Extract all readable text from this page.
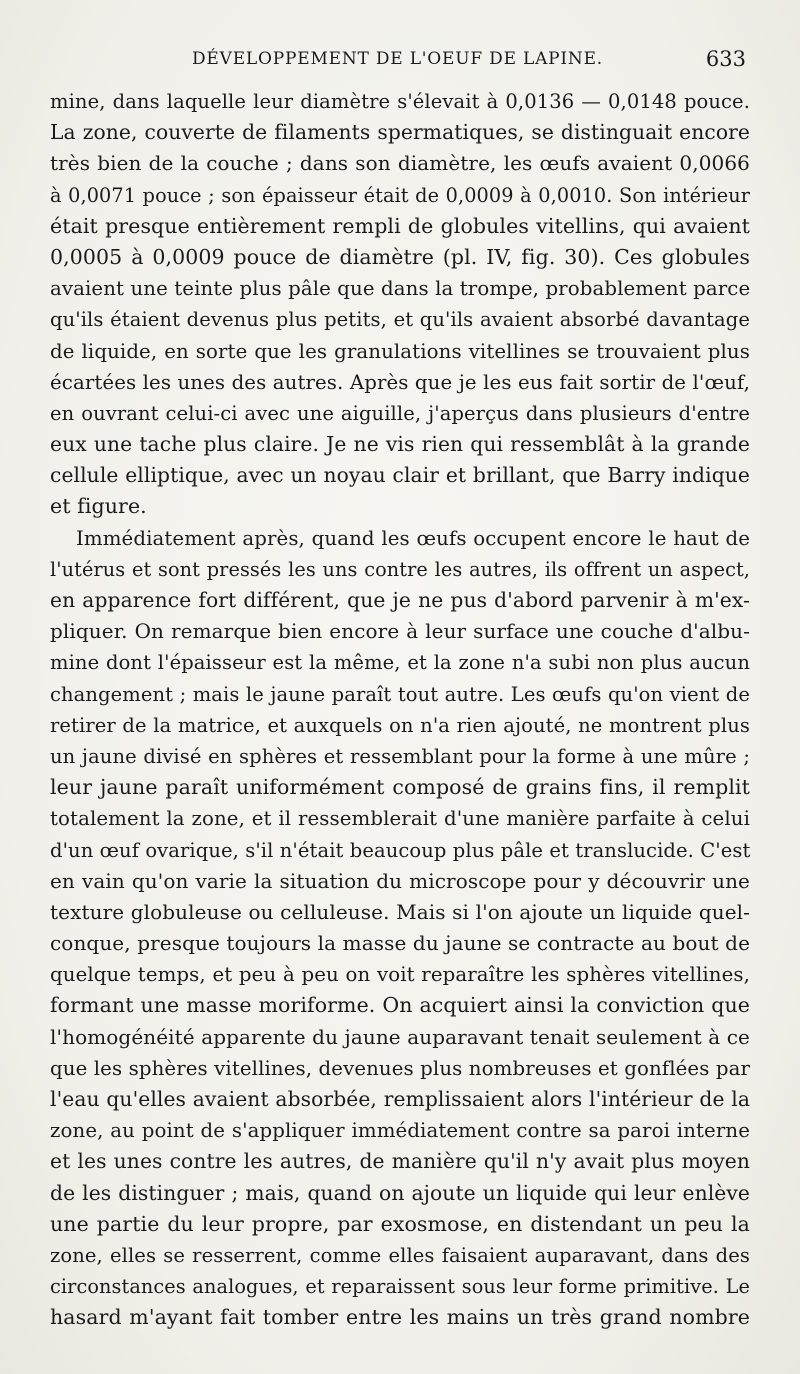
DÉVELOPPEMENT DE L'OEUF DE LAPINE.	633
mine, dans laquelle leur diamètre s'élevait à 0,0136 — 0,0148 pouce.
La zone, couverte de filaments spermatiques, se distinguait encore
très bien de la couche ; dans son diamètre, les œufs avaient 0,0066
à 0,0071 pouce ; son épaisseur était de 0,0009 à 0,0010. Son intérieur
était presque entièrement rempli de globules vitellins, qui avaient
0,0005 à 0,0009 pouce de diamètre (pl. IV, fig. 30). Ces globules
avaient une teinte plus pâle que dans la trompe, probablement parce
qu'ils étaient devenus plus petits, et qu'ils avaient absorbé davantage
de liquide, en sorte que les granulations vitellines se trouvaient plus
écartées les unes des autres. Après que je les eus fait sortir de l'œuf,
en ouvrant celui-ci avec une aiguille, j'aperçus dans plusieurs d'entre
eux une tache plus claire. Je ne vis rien qui ressemblât à la grande
cellule elliptique, avec un noyau clair et brillant, que Barry indique
et figure.
Immédiatement après, quand les œufs occupent encore le haut de
l'utérus et sont pressés les uns contre les autres, ils offrent un aspect,
en apparence fort différent, que je ne pus d'abord parvenir à m'ex-
pliquer. On remarque bien encore à leur surface une couche d'albu-
mine dont l'épaisseur est la même, et la zone n'a subi non plus aucun
changement ; mais le jaune paraît tout autre. Les œufs qu'on vient de
retirer de la matrice, et auxquels on n'a rien ajouté, ne montrent plus
un jaune divisé en sphères et ressemblant pour la forme à une mûre ;
leur jaune paraît uniformément composé de grains fins, il remplit
totalement la zone, et il ressemblerait d'une manière parfaite à celui
d'un œuf ovarique, s'il n'était beaucoup plus pâle et translucide. C'est
en vain qu'on varie la situation du microscope pour y découvrir une
texture globuleuse ou celluleuse. Mais si l'on ajoute un liquide quel-
conque, presque toujours la masse du jaune se contracte au bout de
quelque temps, et peu à peu on voit reparaître les sphères vitellines,
formant une masse moriforme. On acquiert ainsi la conviction que
l'homogénéité apparente du jaune auparavant tenait seulement à ce
que les sphères vitellines, devenues plus nombreuses et gonflées par
l'eau qu'elles avaient absorbée, remplissaient alors l'intérieur de la
zone, au point de s'appliquer immédiatement contre sa paroi interne
et les unes contre les autres, de manière qu'il n'y avait plus moyen
de les distinguer ; mais, quand on ajoute un liquide qui leur enlève
une partie du leur propre, par exosmose, en distendant un peu la
zone, elles se resserrent, comme elles faisaient auparavant, dans des
circonstances analogues, et reparaissent sous leur forme primitive. Le
hasard m'ayant fait tomber entre les mains un très grand nombre
